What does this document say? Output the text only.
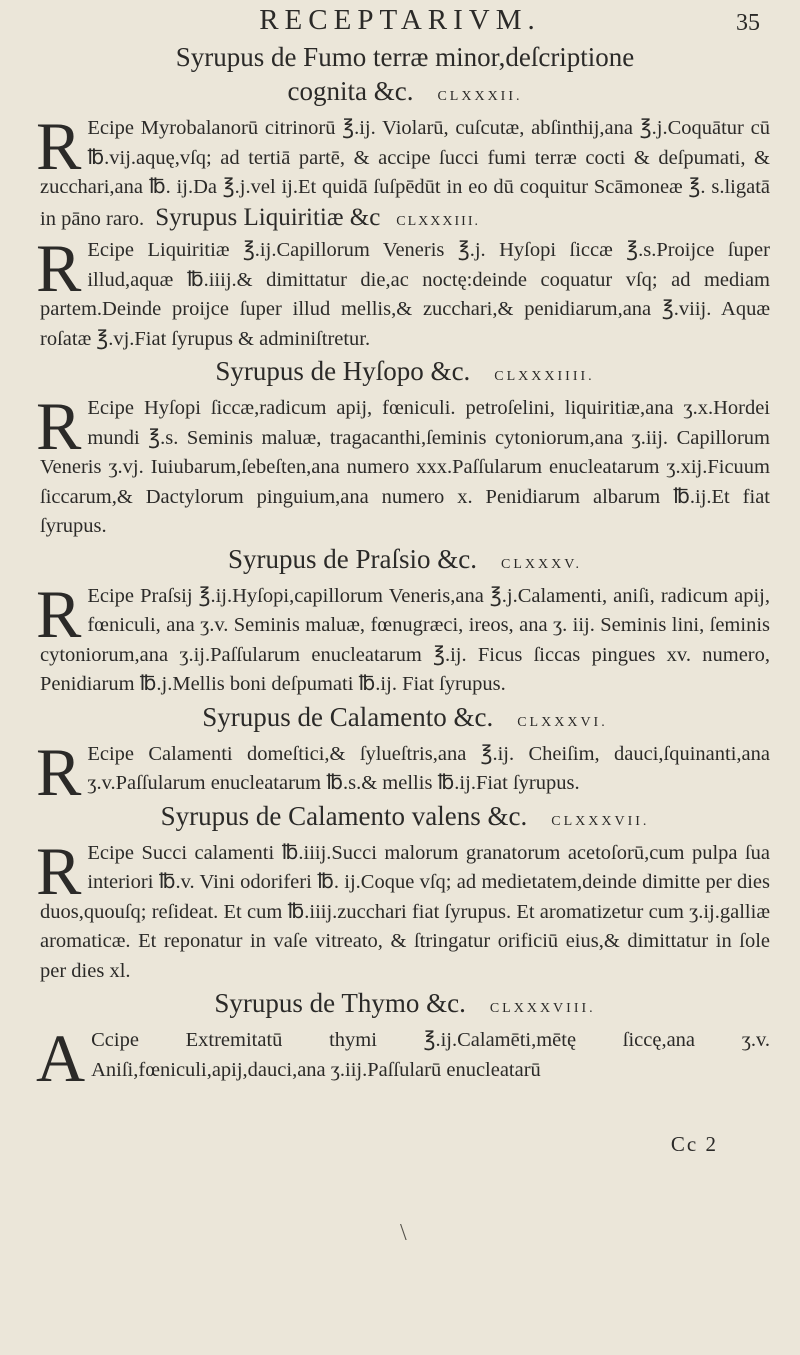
RECEPTARIVM.	35

Syrupus de Fumo terræ minor,deſcriptione

cognita &c. CLXXXII.

R Ecipe Myrobalanorū citrinorū ℥.ij. Violarū, cuſcutæ, abſinthij,ana ℥.j.Coquātur cū ℔.vij.aquę,vſq; ad tertiā partē, & accipe ſucci fumi terræ cocti & deſpumati, & zucchari,ana ℔. ij.Da ℥.j.vel ij.Et quidā ſuſpēdūt in eo dū coquitur Scāmoneæ ℥. s.ligatā in pāno raro. Syrupus Liquiritiæ &c CLXXXIII.

R Ecipe Liquiritiæ ℥.ij.Capillorum Veneris ℥.j. Hyſopi ſiccæ ℥.s.Proijce ſuper illud,aquæ ℔.iiij.& dimittatur die,ac noctę:deinde coquatur vſq; ad mediam partem.Deinde proijce ſuper illud mellis,& zucchari,& penidiarum,ana ℥.viij. Aquæ roſatæ ℥.vj.Fiat ſyrupus & adminiſtretur.

Syrupus de Hyſopo &c. CLXXXIIII.

R Ecipe Hyſopi ſiccæ,radicum apij, fœniculi. petroſelini, liquiritiæ,ana ʒ.x.Hordei mundi ℥.s. Seminis maluæ, tragacanthi,ſeminis cytoniorum,ana ʒ.iij. Capillorum Veneris ʒ.vj. Iuiubarum,ſebeſten,ana numero xxx.Paſſularum enucleatarum ʒ.xij.Ficuum ſiccarum,& Dactylorum pinguium,ana numero x. Penidiarum albarum ℔.ij.Et fiat ſyrupus.

Syrupus de Praſsio &c. CLXXXV.

R Ecipe Praſsij ℥.ij.Hyſopi,capillorum Veneris,ana ℥.j.Calamenti, aniſi, radicum apij, fœniculi, ana ʒ.v. Seminis maluæ, fœnugræci, ireos, ana ʒ. iij. Seminis lini, ſeminis cytoniorum,ana ʒ.ij.Paſſularum enucleatarum ℥.ij. Ficus ſiccas pingues xv. numero, Penidiarum ℔.j.Mellis boni deſpumati ℔.ij. Fiat ſyrupus.

Syrupus de Calamento &c. CLXXXVI.

R Ecipe Calamenti domeſtici,& ſylueſtris,ana ℥.ij. Cheiſim, dauci,ſquinanti,ana ʒ.v.Paſſularum enucleatarum ℔.s.& mellis ℔.ij.Fiat ſyrupus.

Syrupus de Calamento valens &c. CLXXXVII.

R Ecipe Succi calamenti ℔.iiij.Succi malorum granatorum acetoſorū,cum pulpa ſua interiori ℔.v. Vini odoriferi ℔. ij.Coque vſq; ad medietatem,deinde dimitte per dies duos,quouſq; reſideat. Et cum ℔.iiij.zucchari fiat ſyrupus. Et aromatizetur cum ʒ.ij.galliæ aromaticæ. Et reponatur in vaſe vitreato, & ſtringatur orificiū eius,& dimittatur in ſole per dies xl.

Syrupus de Thymo &c. CLXXXVIII.

A Ccipe Extremitatū thymi ℥.ij.Calamēti,mētę ſiccę,ana ʒ.v. Aniſi,fœniculi,apij,dauci,ana ʒ.iij.Paſſularū enucleatarū

Cc 2
\
